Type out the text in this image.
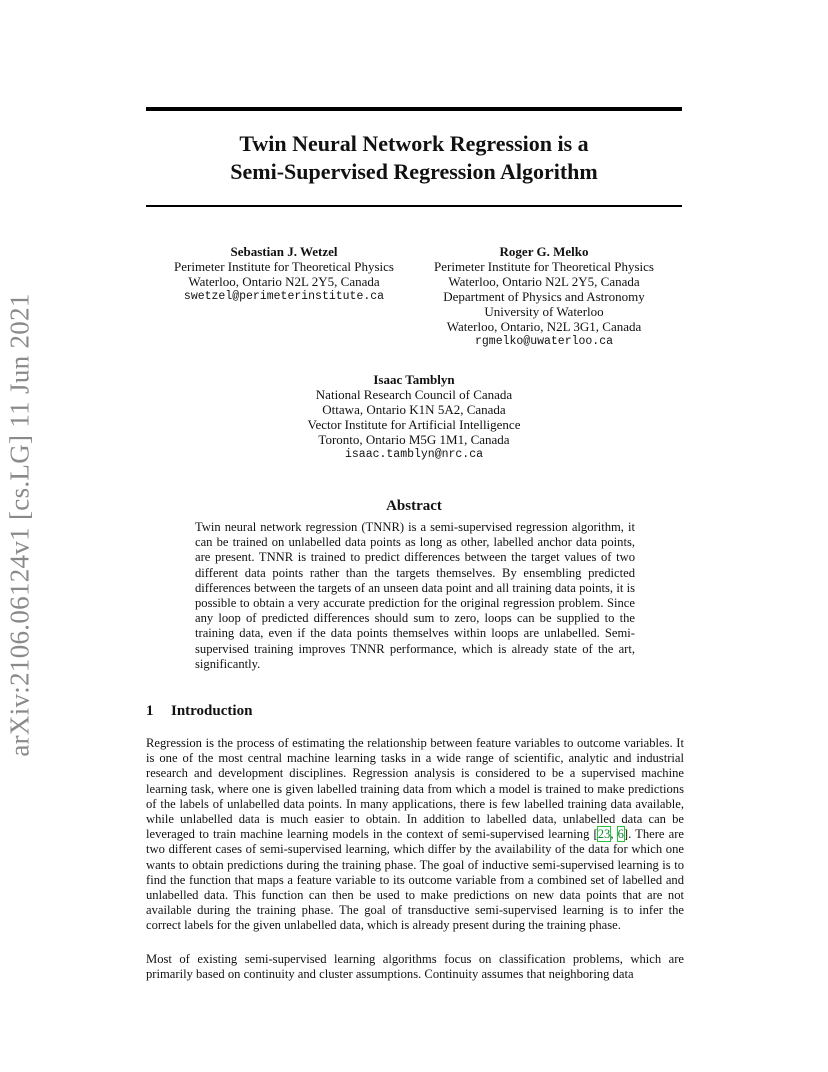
arXiv:2106.06124v1 [cs.LG] 11 Jun 2021
Twin Neural Network Regression is a
Semi-Supervised Regression Algorithm
Sebastian J. Wetzel
Perimeter Institute for Theoretical Physics
Waterloo, Ontario N2L 2Y5, Canada
swetzel@perimeterinstitute.ca
Roger G. Melko
Perimeter Institute for Theoretical Physics
Waterloo, Ontario N2L 2Y5, Canada
Department of Physics and Astronomy
University of Waterloo
Waterloo, Ontario, N2L 3G1, Canada
rgmelko@uwaterloo.ca
Isaac Tamblyn
National Research Council of Canada
Ottawa, Ontario K1N 5A2, Canada
Vector Institute for Artificial Intelligence
Toronto, Ontario M5G 1M1, Canada
isaac.tamblyn@nrc.ca
Abstract

Twin neural network regression (TNNR) is a semi-supervised regression algorithm, it can be trained on unlabelled data points as long as other, labelled anchor data points, are present. TNNR is trained to predict differences between the target values of two different data points rather than the targets themselves. By ensembling predicted differences between the targets of an unseen data point and all training data points, it is possible to obtain a very accurate prediction for the original regression problem. Since any loop of predicted differences should sum to zero, loops can be supplied to the training data, even if the data points themselves within loops are unlabelled. Semi-supervised training improves TNNR performance, which is already state of the art, significantly.

1 Introduction

Regression is the process of estimating the relationship between feature variables to outcome variables. It is one of the most central machine learning tasks in a wide range of scientific, analytic and industrial research and development disciplines. Regression analysis is considered to be a supervised machine learning task, where one is given labelled training data from which a model is trained to make predictions of the labels of unlabelled data points. In many applications, there is few labelled training data available, while unlabelled data is much easier to obtain. In addition to labelled data, unlabelled data can be leveraged to train machine learning models in the context of semi-supervised learning [23, 6]. There are two different cases of semi-supervised learning, which differ by the availability of the data for which one wants to obtain predictions during the training phase. The goal of inductive semi-supervised learning is to find the function that maps a feature variable to its outcome variable from a combined set of labelled and unlabelled data. This function can then be used to make predictions on new data points that are not available during the training phase. The goal of transductive semi-supervised learning is to infer the correct labels for the given unlabelled data, which is already present during the training phase.

Most of existing semi-supervised learning algorithms focus on classification problems, which are primarily based on continuity and cluster assumptions. Continuity assumes that neighboring data
